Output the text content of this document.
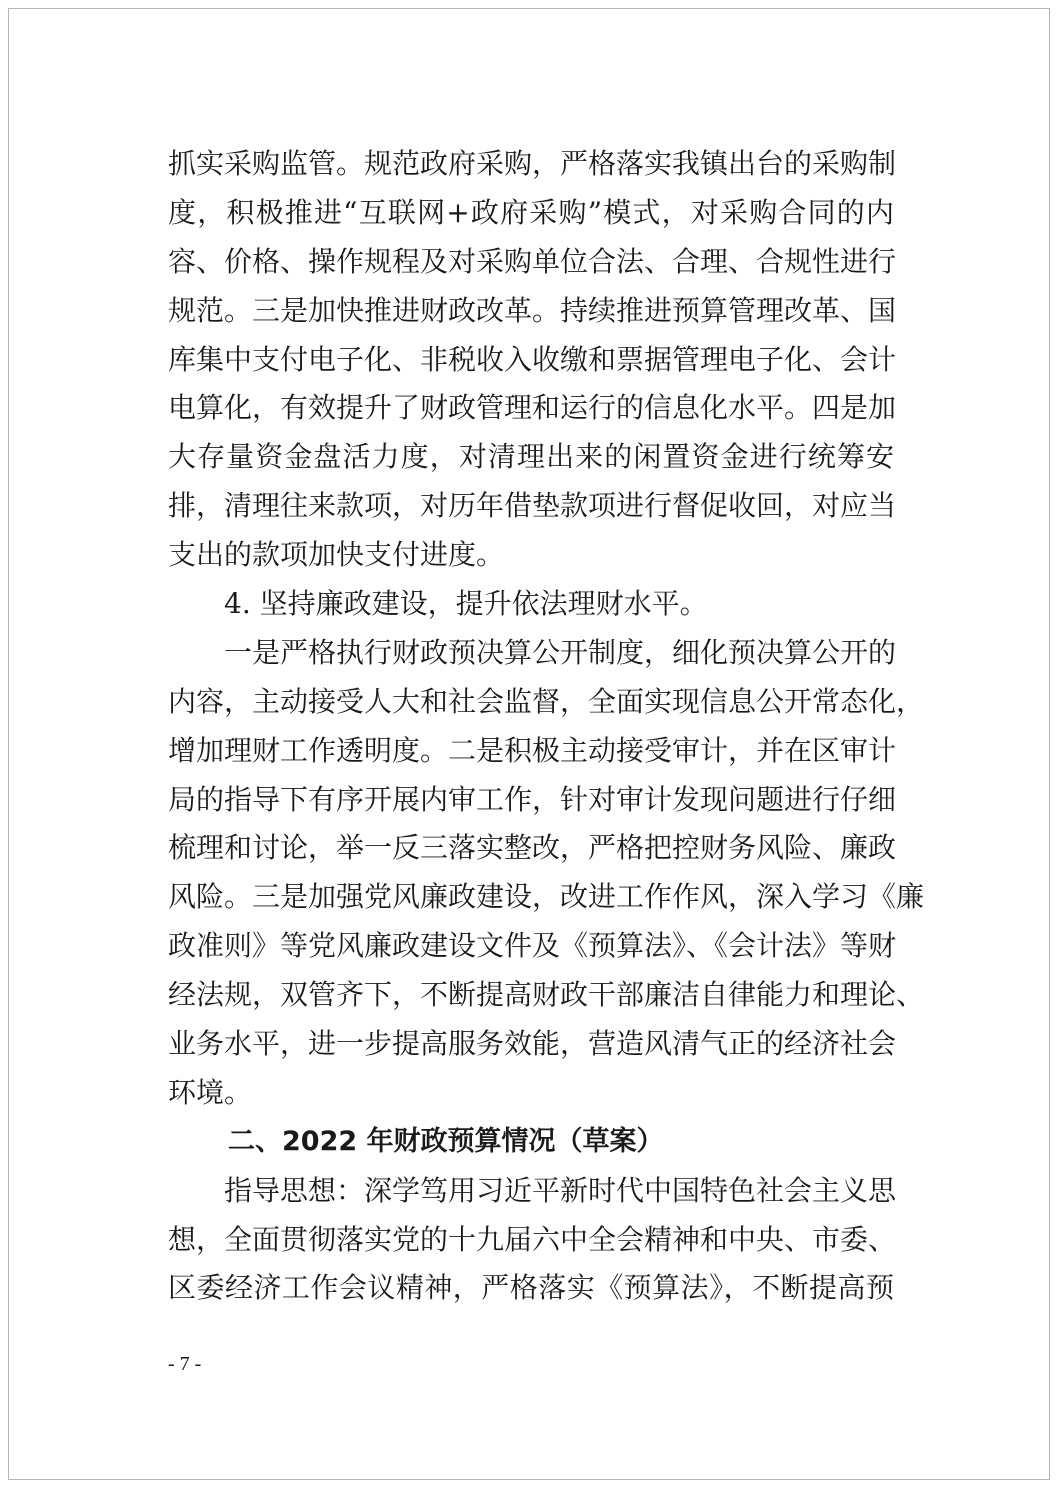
抓实采购监管。规范政府采购，严格落实我镇出台的采购制
度，积极推进“互联网+政府采购”模式，对采购合同的内
容、价格、操作规程及对采购单位合法、合理、合规性进行
规范。三是加快推进财政改革。持续推进预算管理改革、国
库集中支付电子化、非税收入收缴和票据管理电子化、会计
电算化，有效提升了财政管理和运行的信息化水平。四是加
大存量资金盘活力度，对清理出来的闲置资金进行统筹安
排，清理往来款项，对历年借垫款项进行督促收回，对应当
支出的款项加快支付进度。
4. 坚持廉政建设，提升依法理财水平。
一是严格执行财政预决算公开制度，细化预决算公开的
内容，主动接受人大和社会监督，全面实现信息公开常态化，
增加理财工作透明度。二是积极主动接受审计，并在区审计
局的指导下有序开展内审工作，针对审计发现问题进行仔细
梳理和讨论，举一反三落实整改，严格把控财务风险、廉政
风险。三是加强党风廉政建设，改进工作作风，深入学习《廉
政准则》等党风廉政建设文件及《预算法》、《会计法》等财
经法规，双管齐下，不断提高财政干部廉洁自律能力和理论、
业务水平，进一步提高服务效能，营造风清气正的经济社会
环境。
二、2022 年财政预算情况（草案）
指导思想：深学笃用习近平新时代中国特色社会主义思
想，全面贯彻落实党的十九届六中全会精神和中央、市委、
区委经济工作会议精神，严格落实《预算法》，不断提高预
- 7 -
